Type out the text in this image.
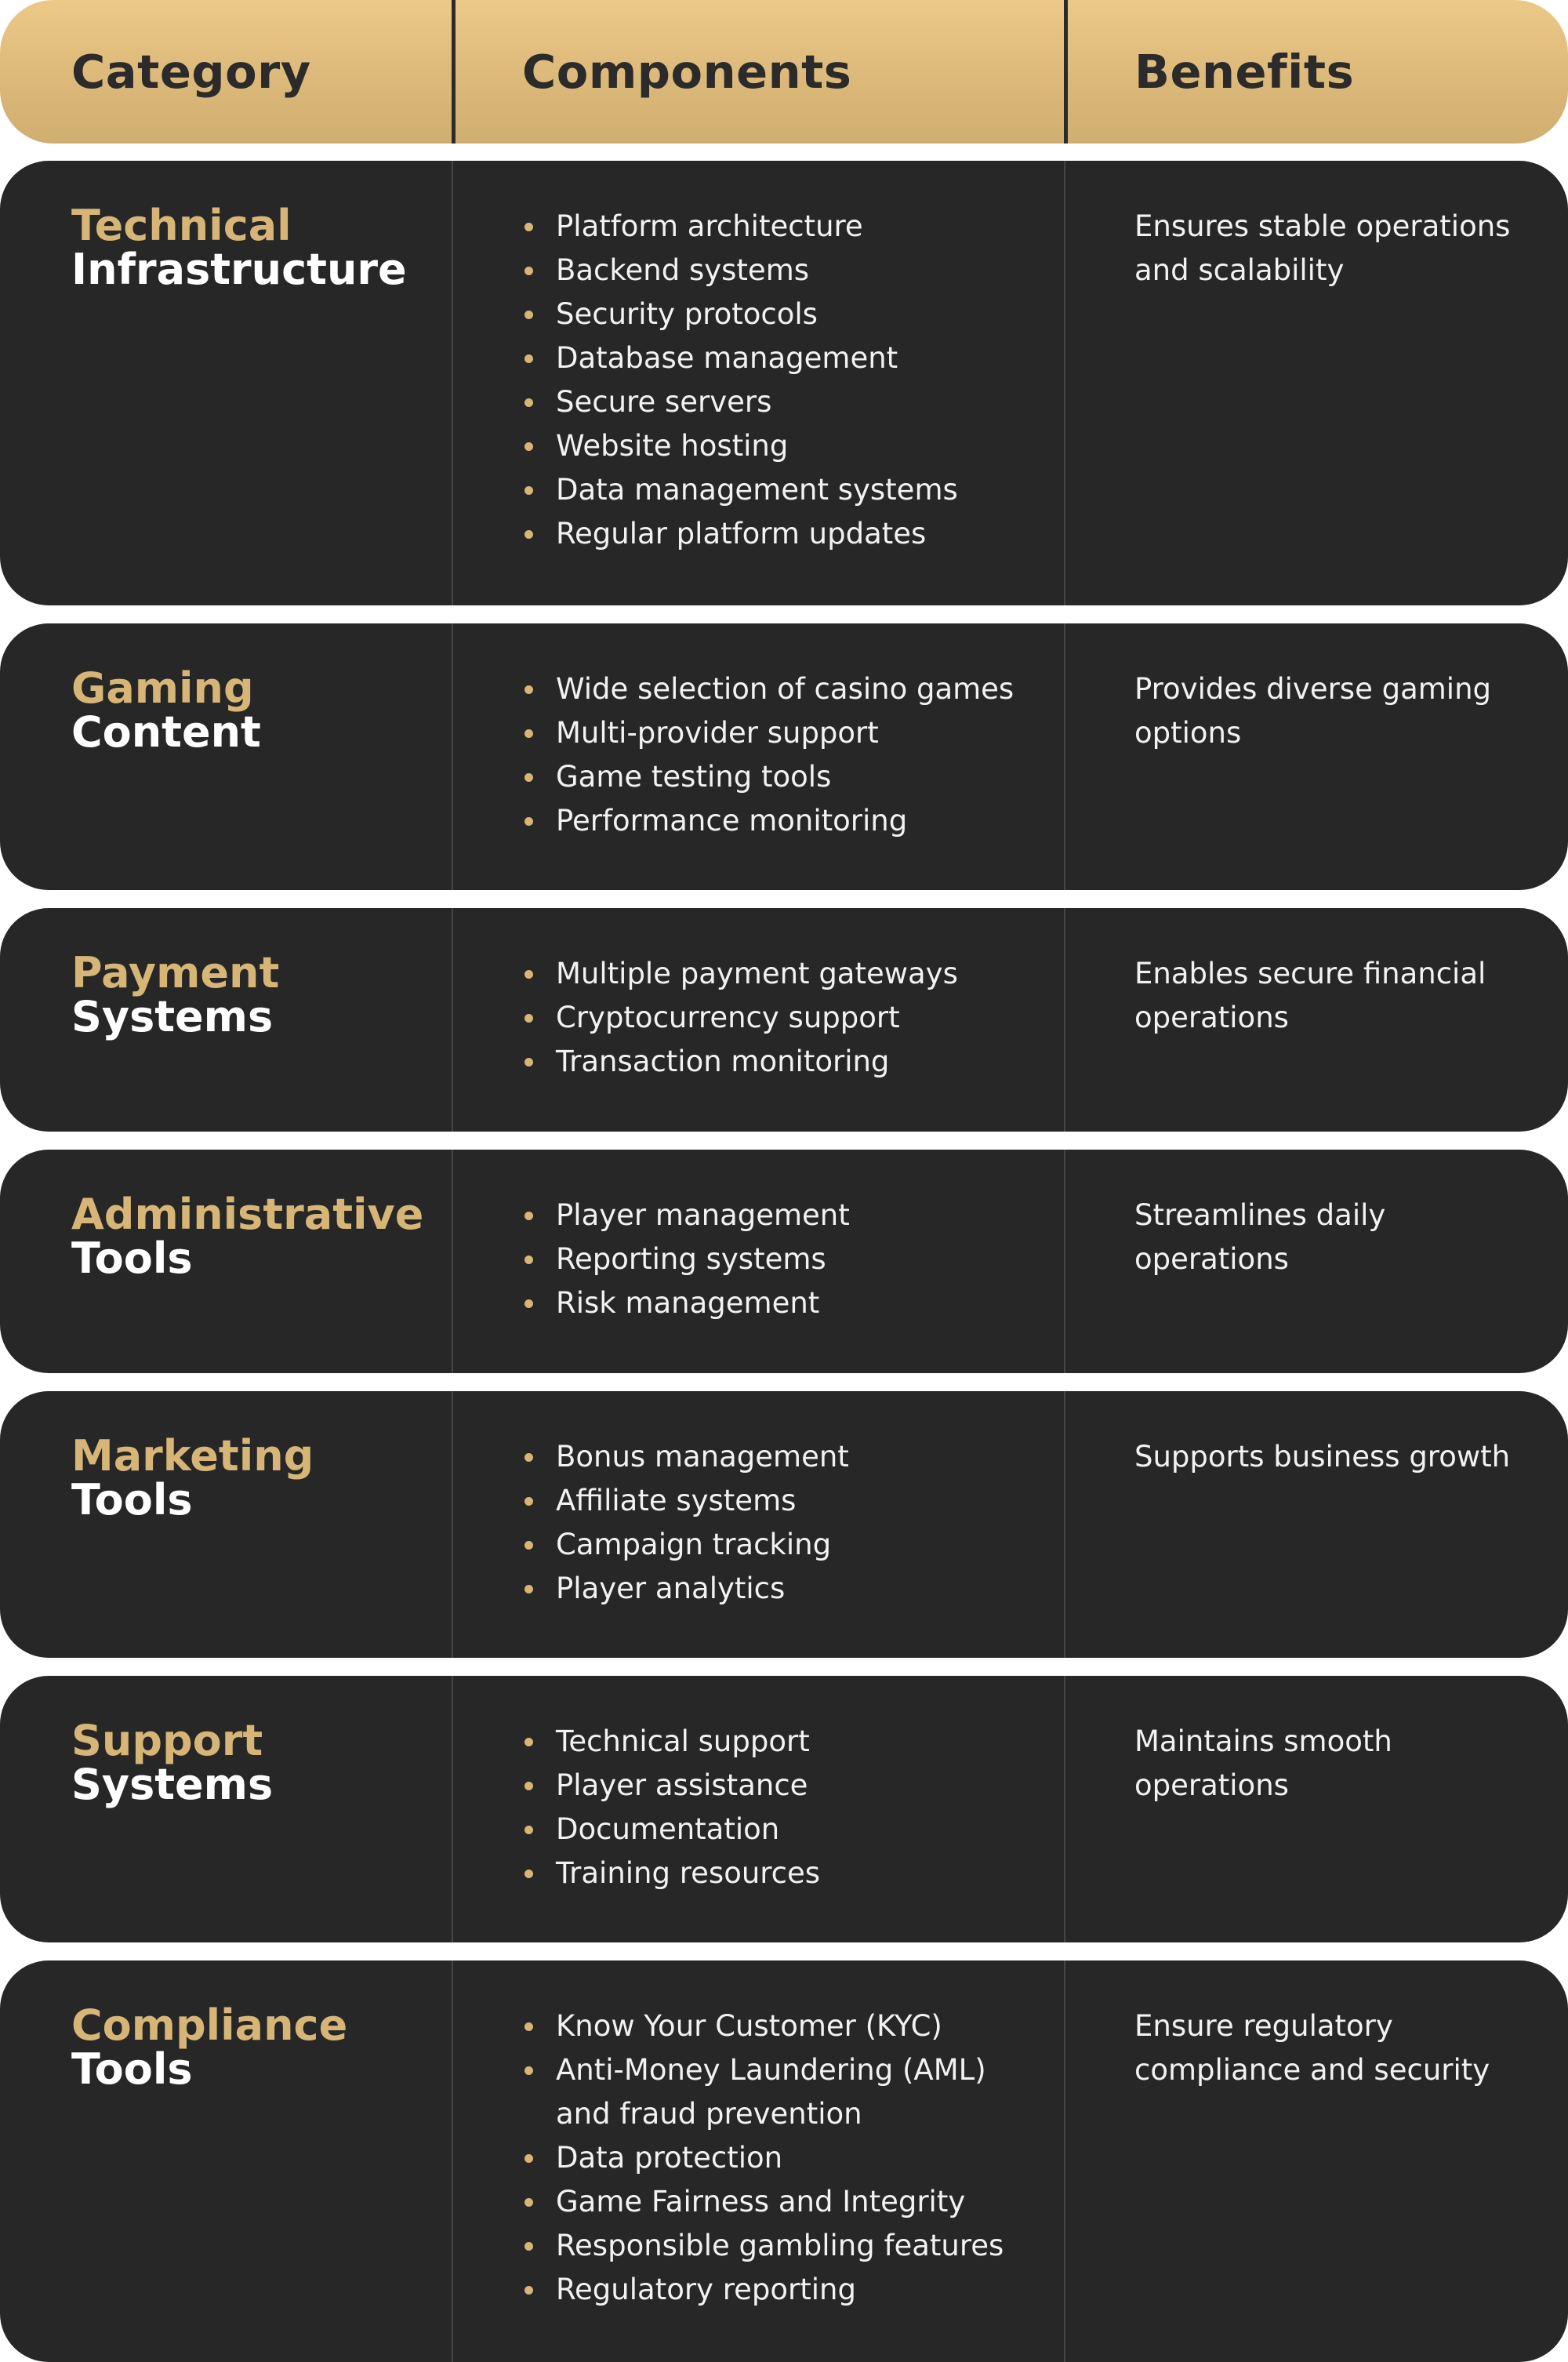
Category	Components	Benefits
Technical
Infrastructure
Platform architecture
Backend systems
Security protocols
Database management
Secure servers
Website hosting
Data management systems
Regular platform updates
Ensures stable operations and scalability
Gaming
Content
Wide selection of casino games
Multi-provider support
Game testing tools
Performance monitoring
Provides diverse gaming options
Payment
Systems
Multiple payment gateways
Cryptocurrency support
Transaction monitoring
Enables secure financial operations
Administrative
Tools
Player management
Reporting systems
Risk management
Streamlines daily operations
Marketing
Tools
Bonus management
Affiliate systems
Campaign tracking
Player analytics
Supports business growth
Support
Systems
Technical support
Player assistance
Documentation
Training resources
Maintains smooth operations
Compliance
Tools
Know Your Customer (KYC)
Anti-Money Laundering (AML)
and fraud prevention
Data protection
Game Fairness and Integrity
Responsible gambling features
Regulatory reporting
Ensure regulatory compliance and security
